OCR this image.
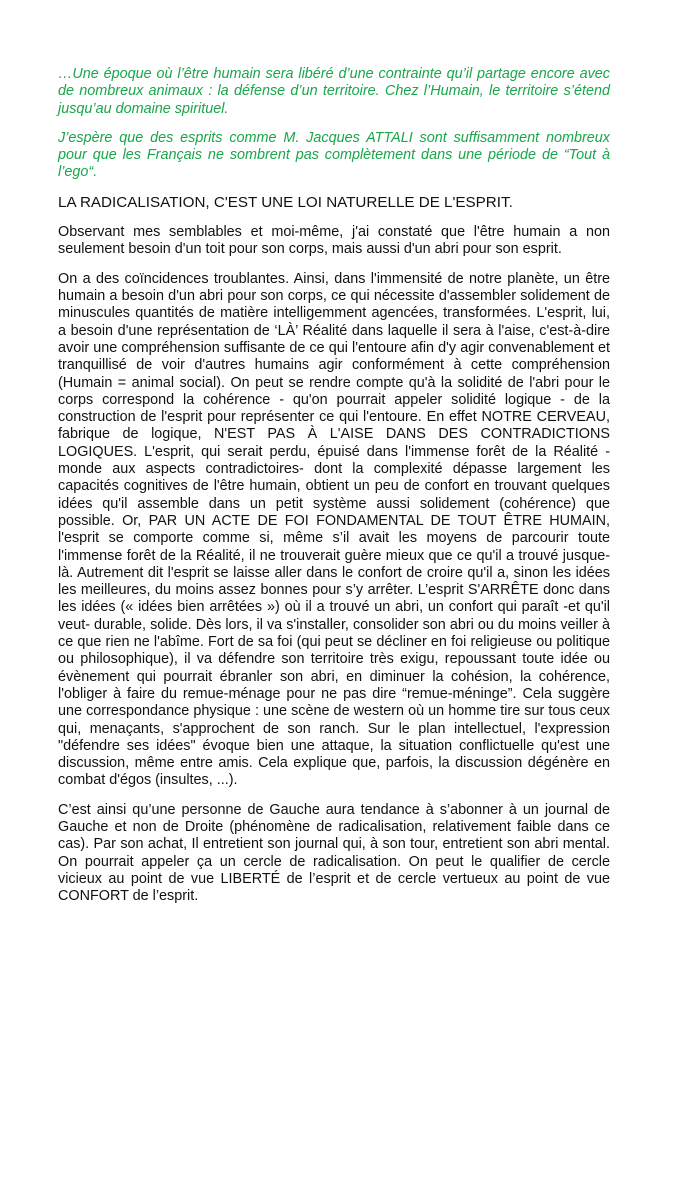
…Une époque où l’être humain sera libéré d’une contrainte qu’il partage encore avec de nombreux animaux : la défense d’un territoire. Chez l’Humain, le territoire s’étend jusqu’au domaine spirituel.

J’espère que des esprits comme M. Jacques ATTALI sont suffisamment nombreux pour que les Français ne sombrent pas complètement dans une période de “Tout à l’ego“.

LA RADICALISATION, C'EST UNE LOI NATURELLE DE L'ESPRIT.

Observant mes semblables et moi-même, j'ai constaté que l'être humain a non seulement besoin d'un toit pour son corps, mais aussi d'un abri pour son esprit.

On a des coïncidences troublantes. Ainsi, dans l'immensité de notre planète, un être humain a besoin d'un abri pour son corps, ce qui nécessite d'assembler solidement de minuscules quantités de matière intelligemment agencées, transformées. L'esprit, lui, a besoin d'une représentation de ‘LÀ’ Réalité dans laquelle il sera à l'aise, c'est-à-dire avoir une compréhension suffisante de ce qui l'entoure afin d'y agir convenablement et tranquillisé de voir d'autres humains agir conformément à cette compréhension (Humain = animal social). On peut se rendre compte qu'à la solidité de l'abri pour le corps correspond la cohérence - qu'on pourrait appeler solidité logique - de la construction de l'esprit pour représenter ce qui l'entoure. En effet NOTRE CERVEAU, fabrique de logique, N'EST PAS À L'AISE DANS DES CONTRADICTIONS LOGIQUES. L'esprit, qui serait perdu, épuisé dans l'immense forêt de la Réalité -monde aux aspects contradictoires- dont la complexité dépasse largement les capacités cognitives de l'être humain, obtient un peu de confort en trouvant quelques idées qu'il assemble dans un petit système aussi solidement (cohérence) que possible. Or, PAR UN ACTE DE FOI FONDAMENTAL DE TOUT ÊTRE HUMAIN, l'esprit se comporte comme si, même s’il avait les moyens de parcourir toute l'immense forêt de la Réalité, il ne trouverait guère mieux que ce qu'il a trouvé jusque-là. Autrement dit l'esprit se laisse aller dans le confort de croire qu'il a, sinon les idées les meilleures, du moins assez bonnes pour s’y arrêter. L’esprit S'ARRÊTE donc dans les idées (« idées bien arrêtées ») où il a trouvé un abri, un confort qui paraît -et qu'il veut- durable, solide. Dès lors, il va s'installer, consolider son abri ou du moins veiller à ce que rien ne l'abîme. Fort de sa foi (qui peut se décliner en foi religieuse ou politique ou philosophique), il va défendre son territoire très exigu, repoussant toute idée ou évènement qui pourrait ébranler son abri, en diminuer la cohésion, la cohérence, l'obliger à faire du remue-ménage pour ne pas dire “remue-méninge”. Cela suggère une correspondance physique : une scène de western où un homme tire sur tous ceux qui, menaçants, s'approchent de son ranch. Sur le plan intellectuel, l'expression "défendre ses idées" évoque bien une attaque, la situation conflictuelle qu'est une discussion, même entre amis. Cela explique que, parfois, la discussion dégénère en combat d'égos (insultes, ...).

C’est ainsi qu’une personne de Gauche aura tendance à s’abonner à un journal de Gauche et non de Droite (phénomène de radicalisation, relativement faible dans ce cas). Par son achat, Il entretient son journal qui, à son tour, entretient son abri mental. On pourrait appeler ça un cercle de radicalisation. On peut le qualifier de cercle vicieux au point de vue LIBERTÉ de l’esprit et de cercle vertueux au point de vue CONFORT de l’esprit.
